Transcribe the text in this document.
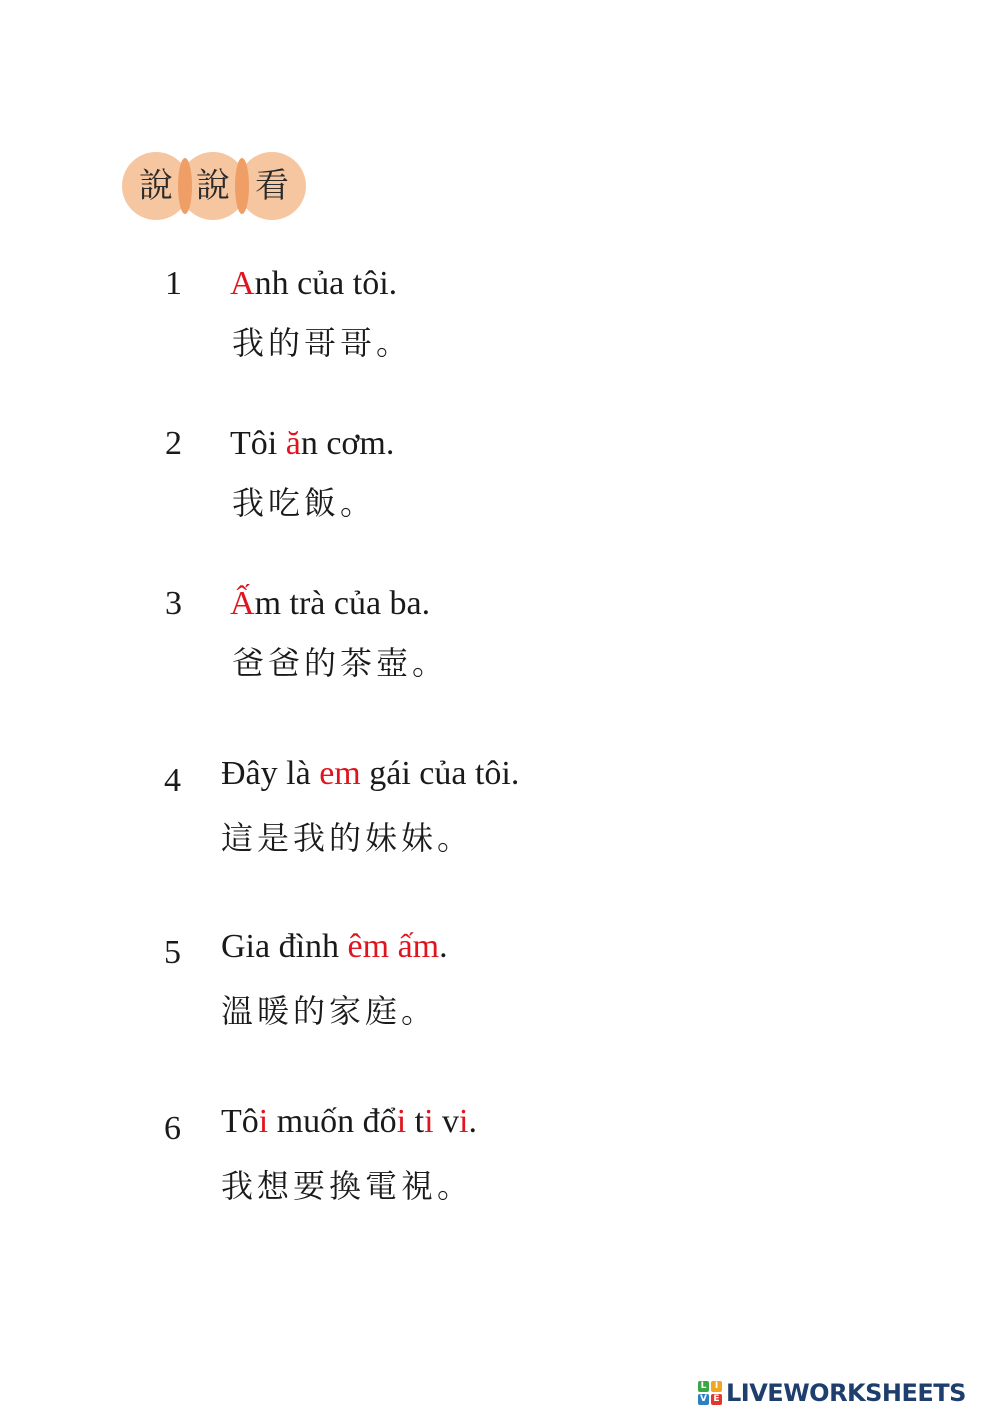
說 說 看
1 Anh của tôi.
我的哥哥。
2 Tôi ăn cơm.
我吃飯。
3 Ấm trà của ba.
爸爸的茶壺。
4 Đây là em gái của tôi.
這是我的妹妹。
5 Gia đình êm ấm.
溫暖的家庭。
6 Tôi muốn đổi ti vi.
我想要換電視。
L I
V E LIVEWORKSHEETS
